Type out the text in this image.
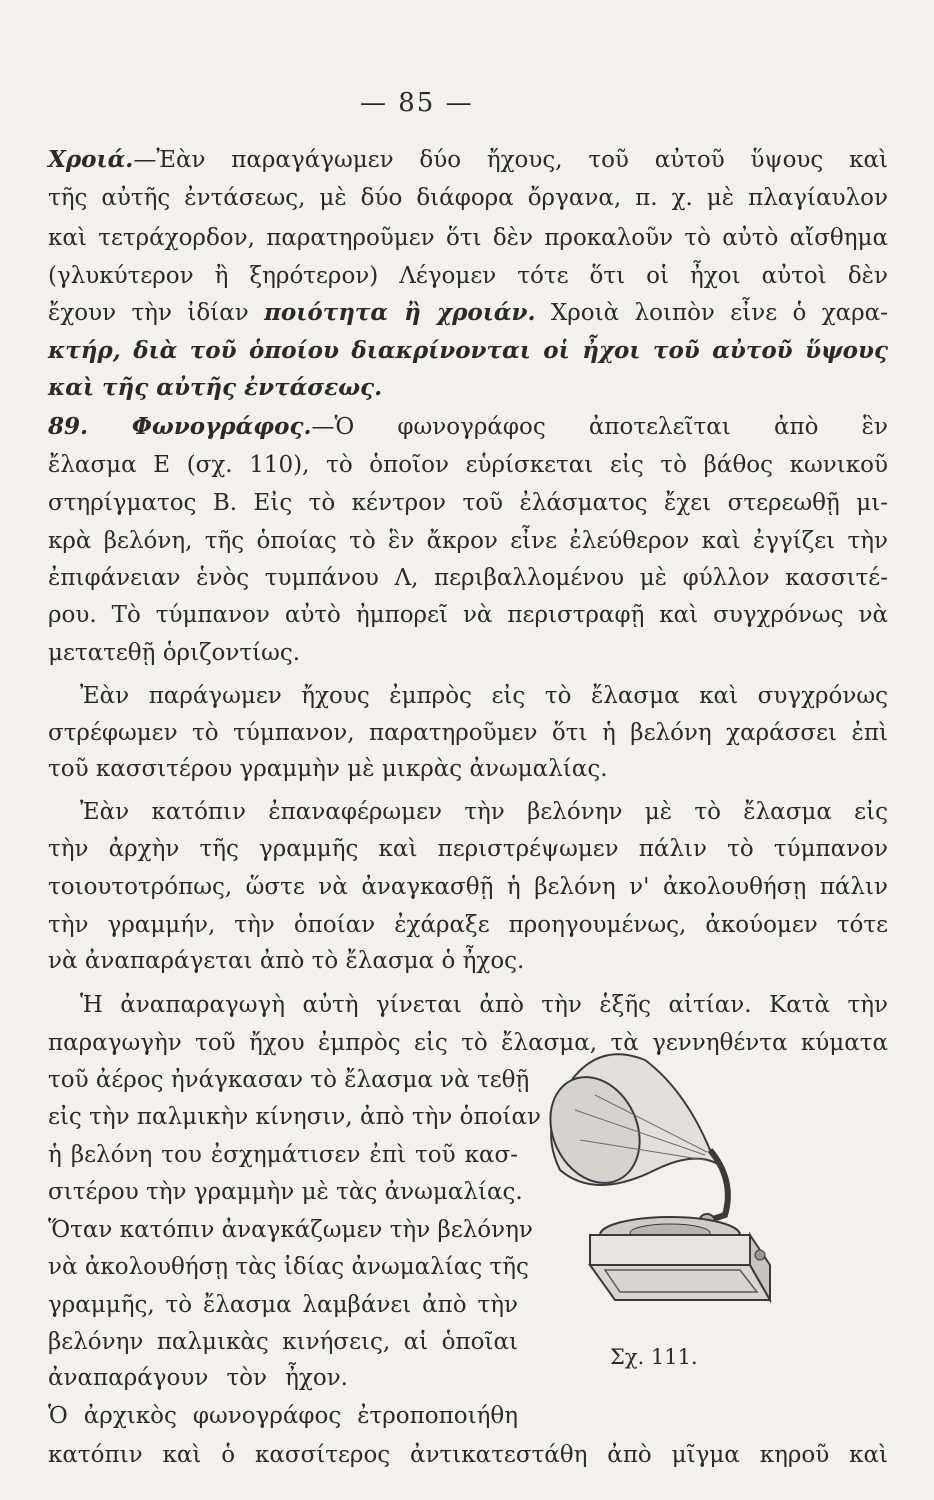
— 85 —
Χροιά.—Ἐὰν παραγάγωμεν δύο ἤχους, τοῦ αὐτοῦ ὕψους καὶ
τῆς αὐτῆς ἐντάσεως, μὲ δύο διάφορα ὄργανα, π. χ. μὲ πλαγίαυλον
καὶ τετράχορδον, παρατηροῦμεν ὅτι δὲν προκαλοῦν τὸ αὐτὸ αἴσθημα
(γλυκύτερον ἢ ξηρότερον) Λέγομεν τότε ὅτι οἱ ἦχοι αὐτοὶ δὲν
ἔχουν τὴν ἰδίαν ποιότητα ἢ χροιάν. Χροιὰ λοιπὸν εἶνε ὁ χαρα-
κτήρ, διὰ τοῦ ὁποίου διακρίνονται οἱ ἦχοι τοῦ αὐτοῦ ὕψους
καὶ τῆς αὐτῆς ἐντάσεως.
89. Φωνογράφος.—Ὁ φωνογράφος ἀποτελεῖται ἀπὸ ἓν
ἔλασμα Ε (σχ. 110), τὸ ὁποῖον εὑρίσκεται εἰς τὸ βάθος κωνικοῦ
στηρίγματος Β. Εἰς τὸ κέντρον τοῦ ἐλάσματος ἔχει στερεωθῇ μι-
κρὰ βελόνη, τῆς ὁποίας τὸ ἓν ἄκρον εἶνε ἐλεύθερον καὶ ἐγγίζει τὴν
ἐπιφάνειαν ἑνὸς τυμπάνου Λ, περιβαλλομένου μὲ φύλλον κασσιτέ-
ρου. Τὸ τύμπανον αὐτὸ ἠμπορεῖ νὰ περιστραφῇ καὶ συγχρόνως νὰ
μετατεθῇ ὁριζοντίως.
Ἐὰν παράγωμεν ἤχους ἐμπρὸς εἰς τὸ ἔλασμα καὶ συγχρόνως
στρέφωμεν τὸ τύμπανον, παρατηροῦμεν ὅτι ἡ βελόνη χαράσσει ἐπὶ
τοῦ κασσιτέρου γραμμὴν μὲ μικρὰς ἀνωμαλίας.
Ἐὰν κατόπιν ἐπαναφέρωμεν τὴν βελόνην μὲ τὸ ἔλασμα εἰς
τὴν ἀρχὴν τῆς γραμμῆς καὶ περιστρέψωμεν πάλιν τὸ τύμπανον
τοιουτοτρόπως, ὥστε νὰ ἀναγκασθῇ ἡ βελόνη ν' ἀκολουθήσῃ πάλιν
τὴν γραμμήν, τὴν ὁποίαν ἐχάραξε προηγουμένως, ἀκούομεν τότε
νὰ ἀναπαράγεται ἀπὸ τὸ ἔλασμα ὁ ἦχος.
Ἡ ἀναπαραγωγὴ αὐτὴ γίνεται ἀπὸ τὴν ἑξῆς αἰτίαν. Κατὰ τὴν
παραγωγὴν τοῦ ἤχου ἐμπρὸς εἰς τὸ ἔλασμα, τὰ γεννηθέντα κύματα
τοῦ ἀέρος ἠνάγκασαν τὸ ἔλασμα νὰ τεθῇ
εἰς τὴν παλμικὴν κίνησιν, ἀπὸ τὴν ὁποίαν
ἡ βελόνη του ἐσχημάτισεν ἐπὶ τοῦ κασ-
σιτέρου τὴν γραμμὴν μὲ τὰς ἀνωμαλίας.
Ὅταν κατόπιν ἀναγκάζωμεν τὴν βελόνην
νὰ ἀκολουθήσῃ τὰς ἰδίας ἀνωμαλίας τῆς
γραμμῆς, τὸ ἔλασμα λαμβάνει ἀπὸ τὴν
βελόνην παλμικὰς κινήσεις, αἱ ὁποῖαι
ἀναπαράγουν τὸν ἦχον.
Ὁ ἀρχικὸς φωνογράφος ἐτροποποιήθη
κατόπιν καὶ ὁ κασσίτερος ἀντικατεστάθη ἀπὸ μῖγμα κηροῦ καὶ
Σχ. 111.
